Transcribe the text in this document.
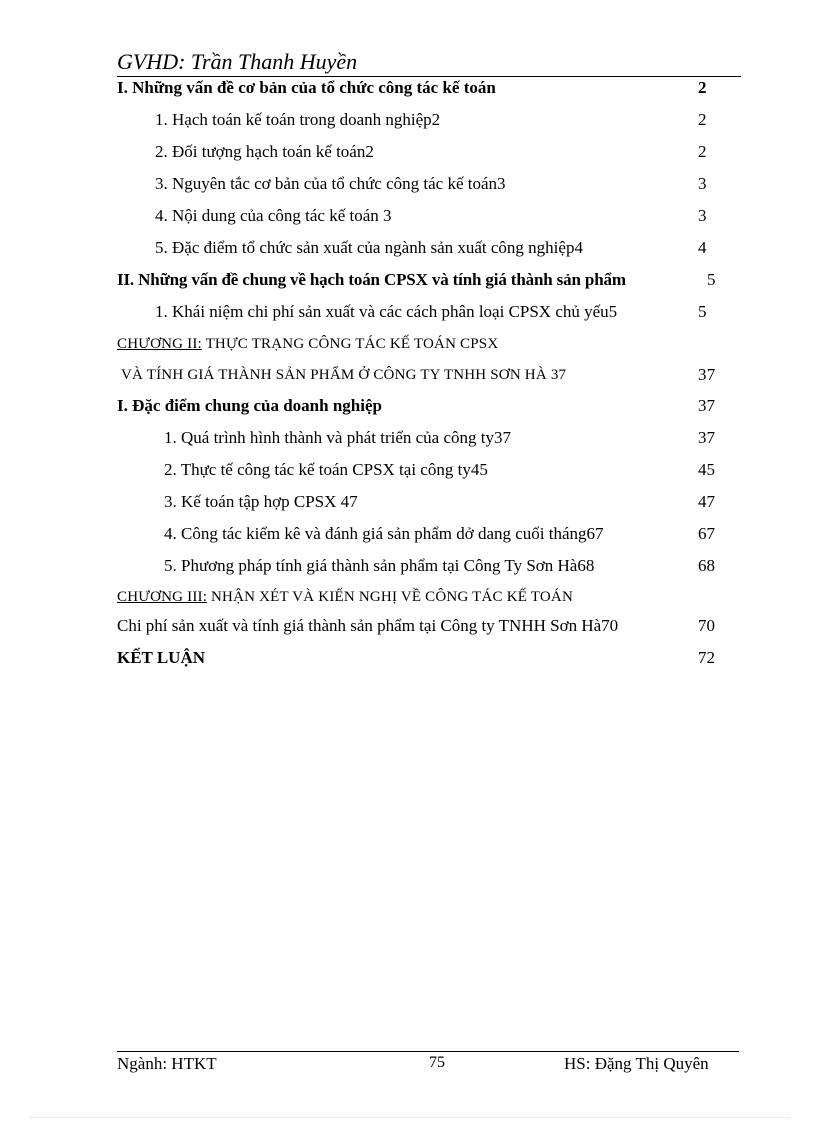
GVHD: Trần Thanh Huyền
I. Những vấn đề cơ bản của tổ chức công tác kế toán	2
1. Hạch toán kế toán trong doanh nghiệp2	2
2. Đối tượng hạch toán kế toán2	2
3. Nguyên tắc cơ bản của tổ chức công tác kế toán3	3
4. Nội dung của công tác kế toán 3	3
5. Đặc điểm tổ chức sản xuất của ngành sản xuất công nghiệp4	4
II. Những vấn đề chung về hạch toán CPSX và tính giá thành sản phẩm	5
1. Khái niệm chi phí sản xuất và các cách phân loại CPSX chủ yếu5	5
CHƯƠNG II: THỰC TRẠNG CÔNG TÁC KẾ TOÁN CPSX
VÀ TÍNH GIÁ THÀNH SẢN PHẨM Ở CÔNG TY TNHH SƠN HÀ 37	37
I. Đặc điểm chung của doanh nghiệp	37
1. Quá trình hình thành và phát triển của công ty37	37
2. Thực tế công tác kế toán CPSX tại công ty45	45
3. Kế toán tập hợp CPSX 47	47
4. Công tác kiểm kê và đánh giá sản phẩm dở dang cuối tháng67	67
5. Phương pháp tính giá thành sản phẩm tại Công Ty Sơn Hà68	68
CHƯƠNG III: NHẬN XÉT VÀ KIẾN NGHỊ VỀ CÔNG TÁC KẾ TOÁN
Chi phí sản xuất và tính giá thành sản phẩm tại Công ty TNHH Sơn Hà70	70
KẾT LUẬN	72
Ngành: HTKT	75	HS: Đặng Thị Quyên
